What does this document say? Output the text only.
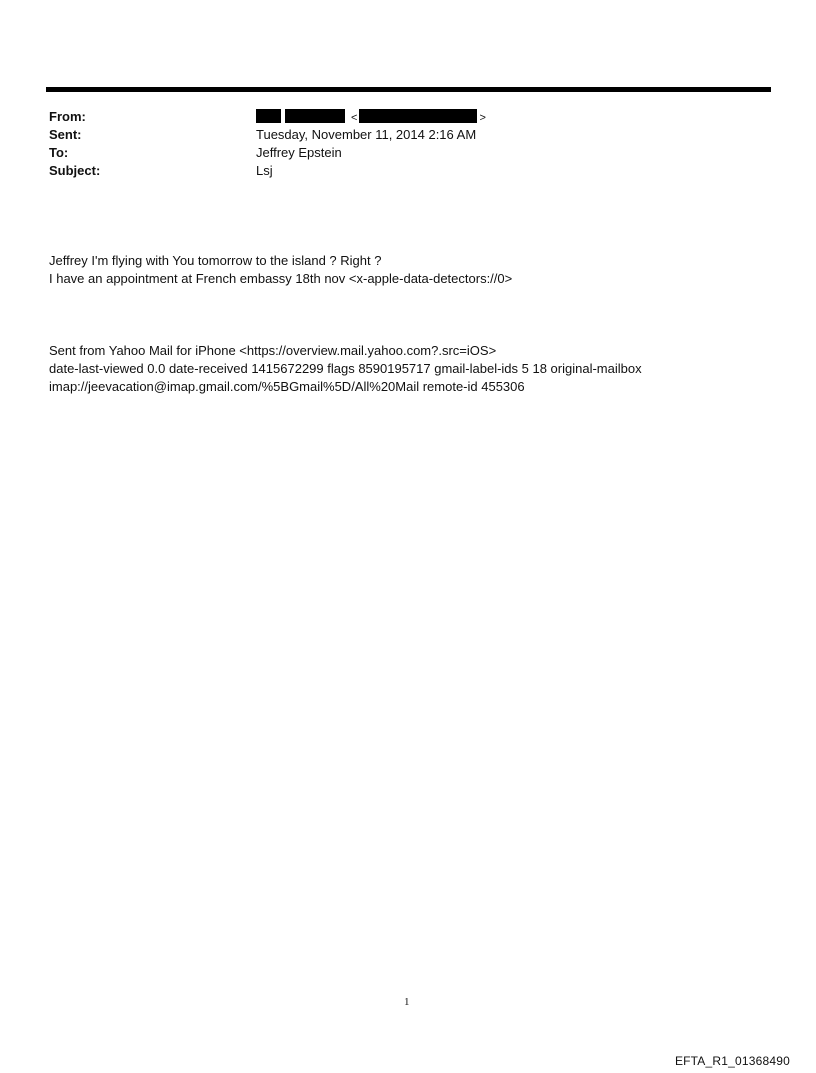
From:	<	>
Sent:	Tuesday, November 11, 2014 2:16 AM
To:	Jeffrey Epstein
Subject:	Lsj
Jeffrey I'm flying with You tomorrow to the island ? Right ?
I have an appointment at French embassy 18th nov <x-apple-data-detectors://0>
Sent from Yahoo Mail for iPhone <https://overview.mail.yahoo.com?.src=iOS>
date-last-viewed 0.0 date-received 1415672299 flags 8590195717 gmail-label-ids 5 18 original-mailbox
imap://jeevacation@imap.gmail.com/%5BGmail%5D/All%20Mail remote-id 455306
1
EFTA_R1_01368490
